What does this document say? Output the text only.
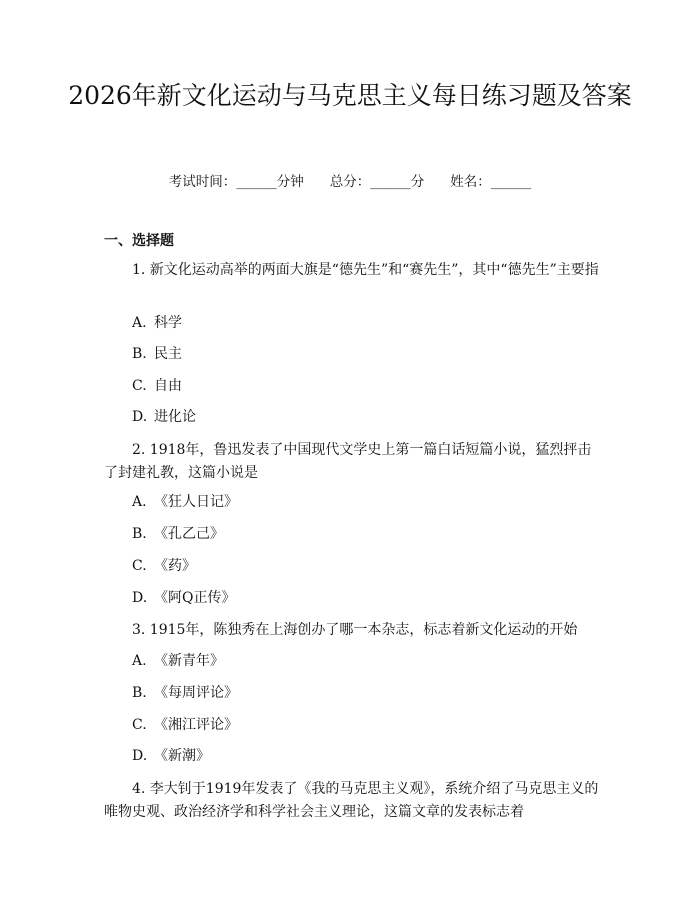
2026年新文化运动与马克思主义每日练习题及答案
考试时间：______分钟 总分：______分 姓名：______
一、选择题
1. 新文化运动高举的两面大旗是“德先生”和“赛先生”，其中“德先生”主要指
A. 科学
B. 民主
C. 自由
D. 进化论
2. 1918年，鲁迅发表了中国现代文学史上第一篇白话短篇小说，猛烈抨击了封建礼教，这篇小说是
A. 《狂人日记》
B. 《孔乙己》
C. 《药》
D. 《阿Q正传》
3. 1915年，陈独秀在上海创办了哪一本杂志，标志着新文化运动的开始
A. 《新青年》
B. 《每周评论》
C. 《湘江评论》
D. 《新潮》
4. 李大钊于1919年发表了《我的马克思主义观》，系统介绍了马克思主义的唯物史观、政治经济学和科学社会主义理论，这篇文章的发表标志着
